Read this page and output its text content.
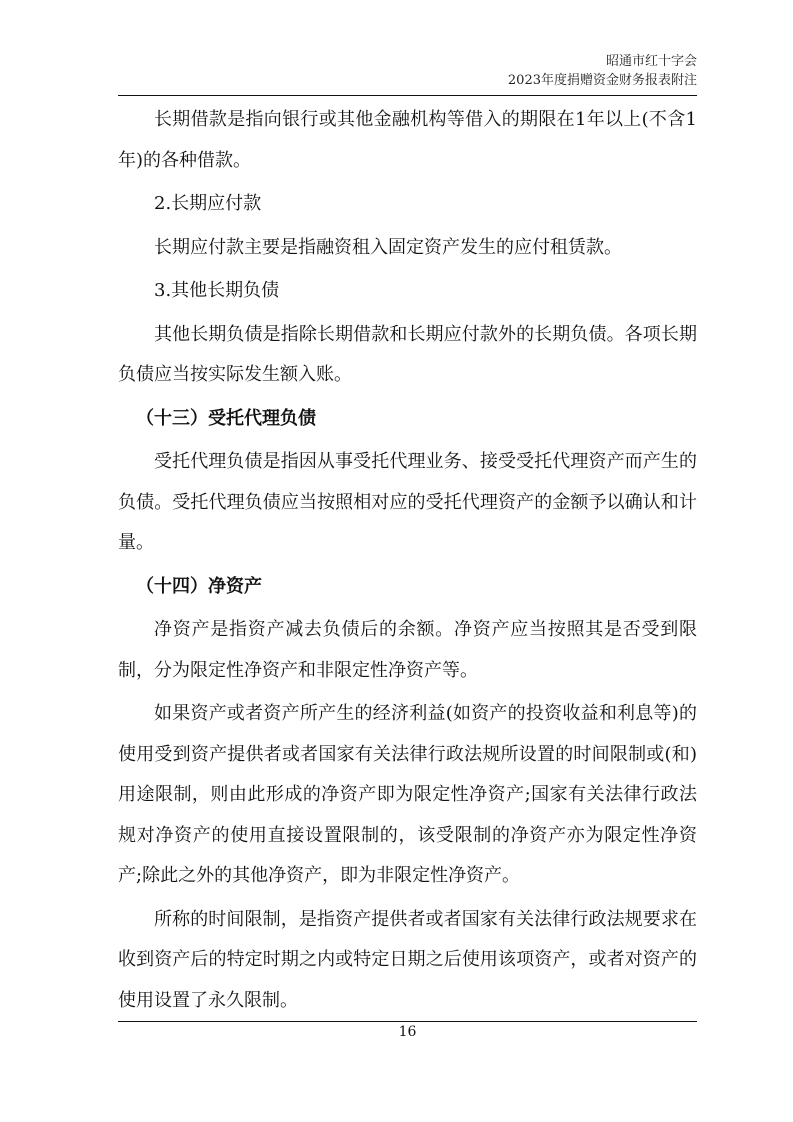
昭通市红十字会
2023年度捐赠资金财务报表附注

长期借款是指向银行或其他金融机构等借入的期限在1年以上(不含1年)的各种借款。

2.长期应付款

长期应付款主要是指融资租入固定资产发生的应付租赁款。

3.其他长期负债

其他长期负债是指除长期借款和长期应付款外的长期负债。各项长期负债应当按实际发生额入账。

（十三）受托代理负债

受托代理负债是指因从事受托代理业务、接受受托代理资产而产生的负债。受托代理负债应当按照相对应的受托代理资产的金额予以确认和计量。

（十四）净资产

净资产是指资产减去负债后的余额。净资产应当按照其是否受到限制，分为限定性净资产和非限定性净资产等。

如果资产或者资产所产生的经济利益(如资产的投资收益和利息等)的使用受到资产提供者或者国家有关法律行政法规所设置的时间限制或(和)用途限制，则由此形成的净资产即为限定性净资产;国家有关法律行政法规对净资产的使用直接设置限制的，该受限制的净资产亦为限定性净资产;除此之外的其他净资产，即为非限定性净资产。

所称的时间限制，是指资产提供者或者国家有关法律行政法规要求在收到资产后的特定时期之内或特定日期之后使用该项资产，或者对资产的使用设置了永久限制。

16
